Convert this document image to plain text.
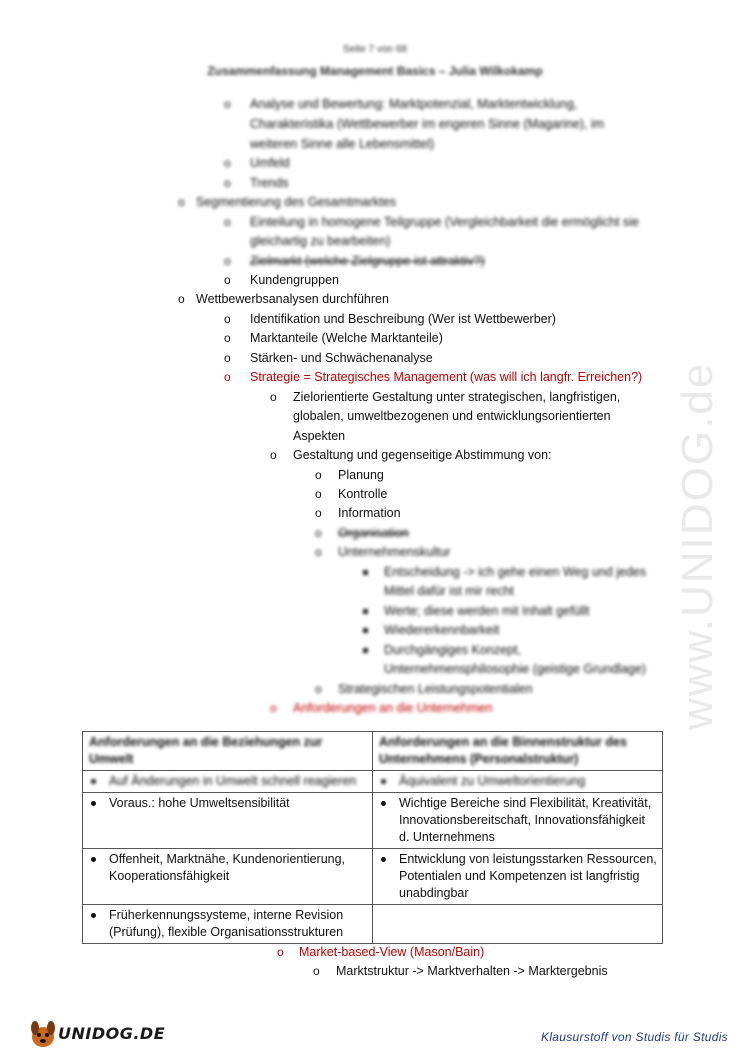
Seite 7 von 68
Zusammenfassung Management Basics – Julia Wilkokamp
o Analyse und Bewertung: Marktpotenzial, Marktentwicklung,
Charakteristika (Wettbewerber im engeren Sinne (Magarine), im
weiteren Sinne alle Lebensmittel)
o Umfeld
o Trends
o Segmentierung des Gesamtmarktes
o Einteilung in homogene Teilgruppe (Vergleichbarkeit die ermöglicht sie
gleichartig zu bearbeiten)
o Zielmarkt (welche Zielgruppe ist attraktiv?)
o Kundengruppen
o Wettbewerbsanalysen durchführen
o Identifikation und Beschreibung (Wer ist Wettbewerber)
o Marktanteile (Welche Marktanteile)
o Stärken- und Schwächenanalyse
o Strategie = Strategisches Management (was will ich langfr. Erreichen?)
o Zielorientierte Gestaltung unter strategischen, langfristigen,
globalen, umweltbezogenen und entwicklungsorientierten
Aspekten
o Gestaltung und gegenseitige Abstimmung von:
o Planung
o Kontrolle
o Information
o Organisation
o Unternehmenskultur
Entscheidung -> ich gehe einen Weg und jedes
Mittel dafür ist mir recht
Werte; diese werden mit Inhalt gefüllt
Wiedererkennbarkeit
Durchgängiges Konzept,
Unternehmensphilosophie (geistige Grundlage)
o Strategischen Leistungspotentialen
o Anforderungen an die Unternehmen	www.UNIDOG.de
Anforderungen an die Beziehungen zur Umwelt	Anforderungen an die Binnenstruktur des
Unternehmens (Personalstruktur)

Auf Änderungen in Umwelt schnell reagieren	Äquivalent zu Umweltorientierung

Voraus.: hohe Umweltsensibilität	Wichtige Bereiche sind Flexibilität, Kreativität, Innovationsbereitschaft, Innovationsfähigkeit d. Unternehmens

Offenheit, Marktnähe, Kundenorientierung, Kooperationsfähigkeit	Entwicklung von leistungsstarken Ressourcen, Potentialen und Kompetenzen ist langfristig unabdingbar

Früherkennungssysteme, interne Revision (Prüfung), flexible Organisationsstrukturen	
o Market-based-View (Mason/Bain)
o Marktstruktur -> Marktverhalten -> Marktergebnis
UNIDOG.DE	Klausurstoff von Studis für Studis
